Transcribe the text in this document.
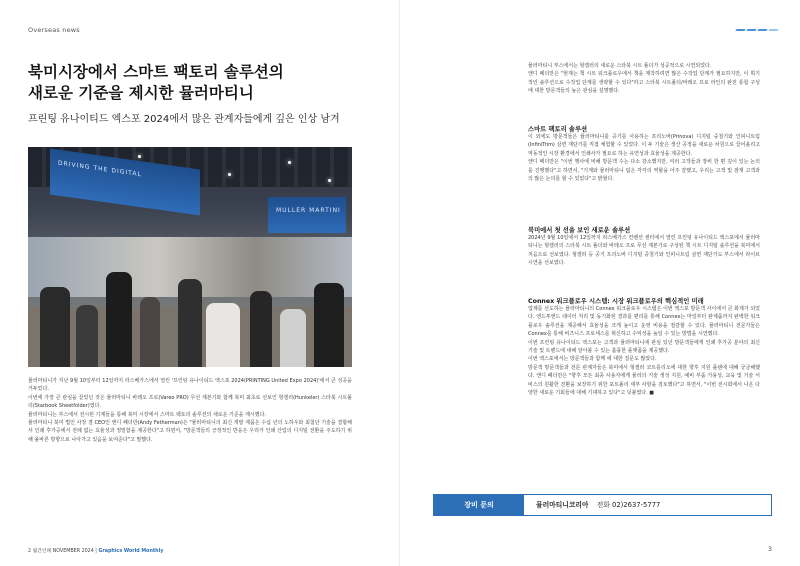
Overseas news
북미시장에서 스마트 팩토리 솔루션의
새로운 기준을 제시한 뮬러마티니
프린팅 유나이티드 엑스포 2024에서 많은 관계자들에게 깊은 인상 남겨
DRIVING THE DIGITAL
MULLER MARTINI

뮬러마티니가 지난 9월 10일부터 12일까지 라스베가스에서 열린 '프린팅 유나이티드 엑스포 2024(PRINTING United Expo 2024)'에서 큰 성공을 거두었다.

이번에 가장 큰 관심을 끌었던 것은 뮬러마티니 바레오 프로(Vareo PRO) 무선 제본기와 함께 북미 최초로 선보인 헝켈러(Hunkeler) 스타북 시트폴더(Starbook Sheetfolder)였다.

뮬러마티니는 부스에서 전시된 기계들을 통해 북미 시장에서 스마트 팩토리 솔루션의 새로운 기준을 제시했다.

뮬러마티니 북미 법인 사장 겸 CEO인 앤디 페더만(Andy Fetherman)은 "뮬러마티니의 최신 개발 제품은 수십 년의 노하우와 최첨단 기술을 결합해서 인쇄 후가공에서 전례 없는 효율성과 정밀함을 제공한다"고 하면서, "방문객들의 긍정적인 반응은 우리가 인쇄 산업의 디지털 전환을 주도하기 위해 올바른 방향으로 나아가고 있음을 보여준다"고 말했다.

2 월간인쇄 NOVEMBER 2024 | Graphics World Monthly	3

뮬러마티니 부스에서는 헝켈러의 새로운 스타북 시트 폴더가 성공적으로 시연되었다.

앤디 페더만은 "현재는 책 시트 워크플로우에서 책을 제작하려면 많은 수작업 단계가 필요하지만, 이 획기적인 솔루션으로 수작업 단계를 생략할 수 있다"라고 스타북 시트폴더/바레오 프로 라인의 완전 통합 구성에 대한 방문객들의 높은 관심을 설명했다.

스마트 팩토리 솔루션

이 외에도 방문객들은 뮬러마티니를 공기를 사용하는 프리노바(Prinova) 디지털 중철기와 인피니트림(InfiniTrim) 삼면 재단기를 직접 체험할 수 있었다. 이 두 기술은 생산 공정을 새로운 차원으로 끌어올리고 역동적인 시장 환경에서 인쇄사가 필요로 하는 유연성과 효율성을 제공한다.

앤디 페더만은 "이번 행사에 비해 방문객 수는 다소 감소했지만, 여러 고객들과 장비 한 편 깊이 있는 논의를 진행했다"고 하면서, "기계와 뮬러마티니 팀은 각각의 역할을 아주 잘했고, 우리는 고객 및 잠재 고객과의 많은 논의를 할 수 있었다"고 밝혔다.

북미에서 첫 선을 보인 새로운 솔루션

2024년 9월 10일에서 12일까지 라스베가스 컨벤션 센터에서 열린 프린팅 유나이티드 엑스포에서 뮬러마티니는 헝켈러의 스타북 시트 폴더와 바레오 프로 무선 제본기로 구성된 책 시트 디지털 솔루션을 북미에서 처음으로 선보였다. 헝켈러 등 공기 프리노바 디지털 중철기와 인피니트림 삼면 재단기도 부스에서 라이브 시연을 선보였다.

Connex 워크플로우 시스템: 시장 워크플로우의 핵심적인 미래

업계를 선도하는 뮬러마티니의 Connex 워크플로우 시스템은 이번 엑스포 방문객 사이에서 큰 화제가 되었다. 엔드투엔드 데이터 처리 및 동기화된 결과를 편리를 통해 Connex는 마일부터 완제품까지 완벽한 워크플로우 솔루션을 제공해서 효율성을 크게 높이고 운영 비용을 절감할 수 있다. 뮬러마티니 전문가들은 Connex를 통해 비즈니스 프로세스를 혁신하고 수익성을 높일 수 있는 방법을 시연했다.

이번 프린팅 유나이티드 엑스포는 고객과 뮬러마티니에 관심 있던 방문객들에게 인쇄 후가공 분야의 최신 기술 및 트렌드에 대해 알아볼 수 있는 훌륭한 플랫폼을 제공했다.

이번 엑스포에서는 방문객들과 함께 에 대한 질문도 많았다.

방문객 방문객들과 전문 관계자들은 북미에서 헝켈러 코트를리오에 대한 향후 지원 플랜에 대해 궁금해했다. 앤디 페더만은 "향후 모든 최종 사용자에게 뮬러의 기술 생성 지원, 예비 부품 가용성, 교육 및 기술 서비스의 원활한 전환을 보장하기 위한 포트폴리 세부 사항을 검토했다"고 하면서, "이번 전시회에서 나온 다양한 새로운 기회들에 대해 기대하고 있다"고 덧붙였다. ■

장비 문의	뮬러마티니코리아 전화 02)2637-5777
